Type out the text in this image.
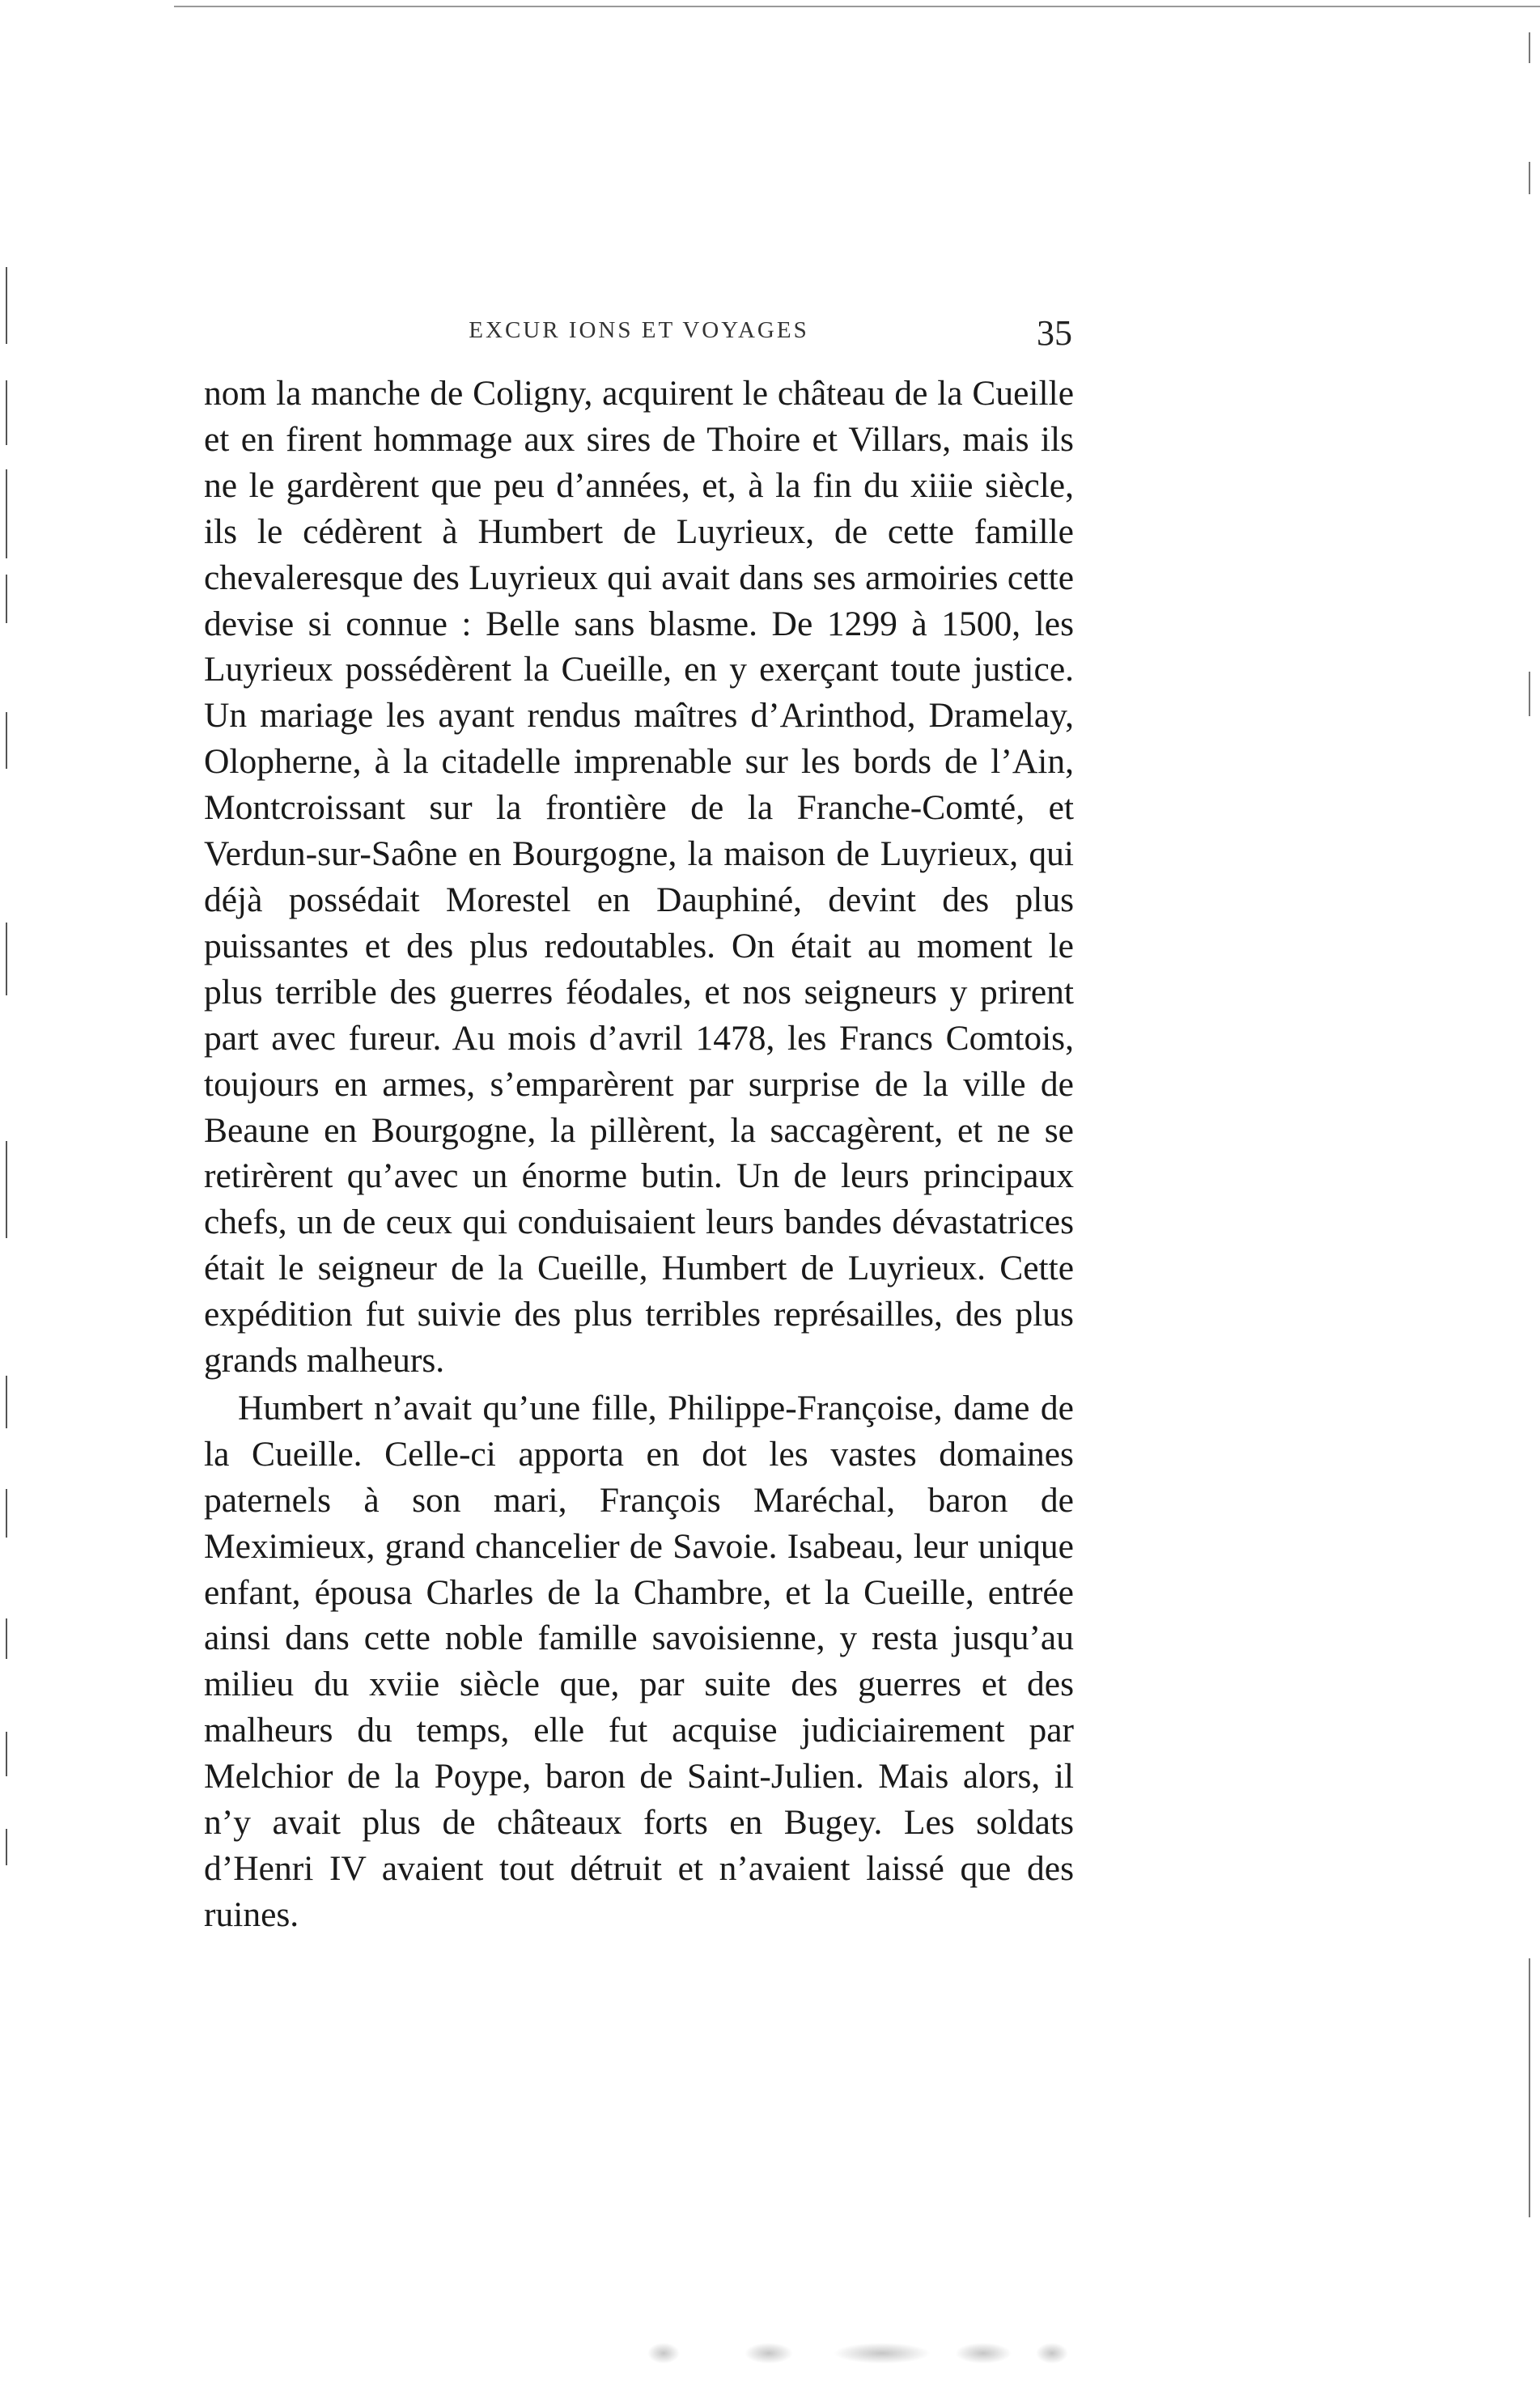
EXCUR IONS ET VOYAGES	35

nom la manche de Coligny, acquirent le château de la Cueille et en firent hommage aux sires de Thoire et Villars, mais ils ne le gardèrent que peu d’années, et, à la fin du xiiie siècle, ils le cédèrent à Humbert de Luyrieux, de cette famille chevaleresque des Luyrieux qui avait dans ses armoiries cette devise si connue : Belle sans blasme. De 1299 à 1500, les Luyrieux possédèrent la Cueille, en y exerçant toute justice. Un mariage les ayant rendus maîtres d’Arinthod, Dramelay, Olopherne, à la citadelle imprenable sur les bords de l’Ain, Montcroissant sur la frontière de la Franche-Comté, et Verdun-sur-Saône en Bourgogne, la maison de Luyrieux, qui déjà possédait Morestel en Dauphiné, devint des plus puissantes et des plus redoutables. On était au moment le plus terrible des guerres féodales, et nos seigneurs y prirent part avec fureur. Au mois d’avril 1478, les Francs Comtois, toujours en armes, s’emparèrent par surprise de la ville de Beaune en Bourgogne, la pillèrent, la saccagèrent, et ne se retirèrent qu’avec un énorme butin. Un de leurs principaux chefs, un de ceux qui conduisaient leurs bandes dévastatrices était le seigneur de la Cueille, Humbert de Luyrieux. Cette expédition fut suivie des plus terribles représailles, des plus grands malheurs.

Humbert n’avait qu’une fille, Philippe-Françoise, dame de la Cueille. Celle-ci apporta en dot les vastes domaines paternels à son mari, François Maréchal, baron de Meximieux, grand chancelier de Savoie. Isabeau, leur unique enfant, épousa Charles de la Chambre, et la Cueille, entrée ainsi dans cette noble famille savoisienne, y resta jusqu’au milieu du xviie siècle que, par suite des guerres et des malheurs du temps, elle fut acquise judiciairement par Melchior de la Poype, baron de Saint-Julien. Mais alors, il n’y avait plus de châteaux forts en Bugey. Les soldats d’Henri IV avaient tout détruit et n’avaient laissé que des ruines.
